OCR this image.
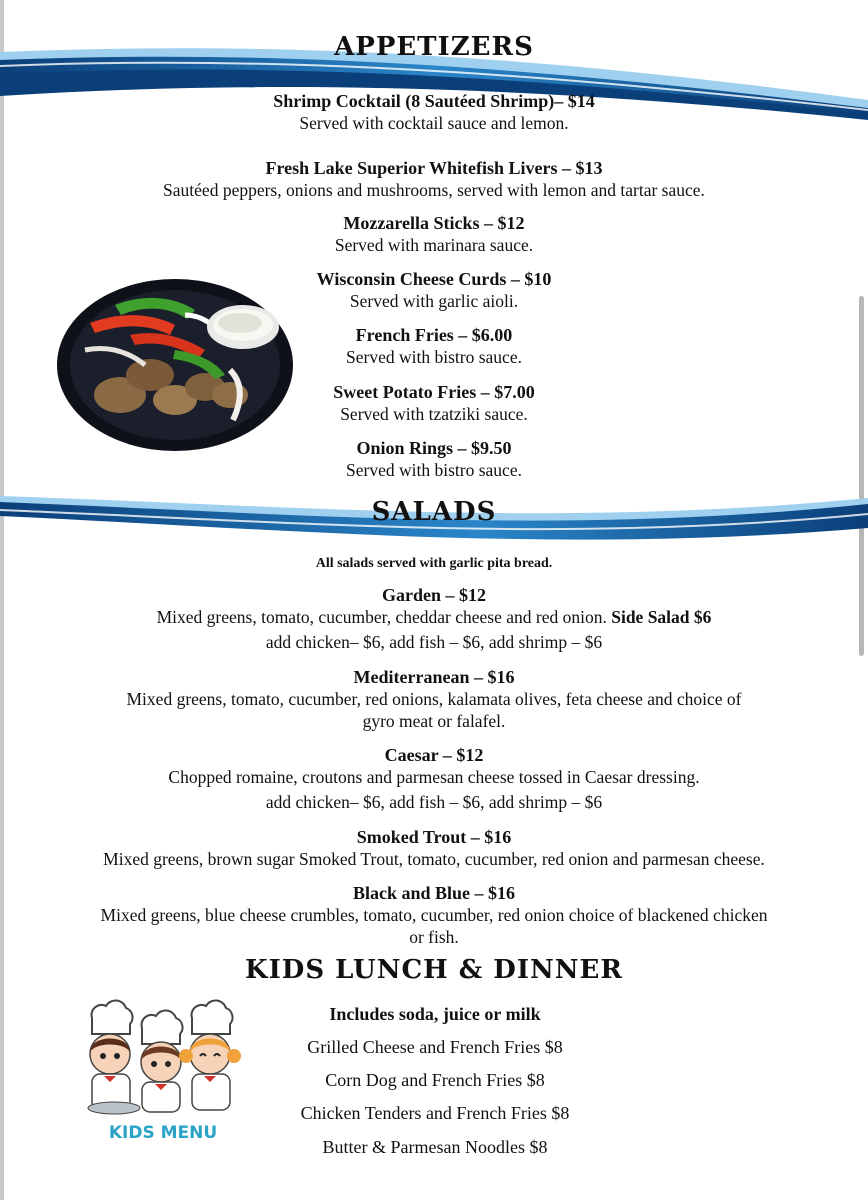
APPETIZERS
Shrimp Cocktail (8 Sautéed Shrimp)– $14
Served with cocktail sauce and lemon.
Fresh Lake Superior Whitefish Livers – $13
Sautéed peppers, onions and mushrooms, served with lemon and tartar sauce.
Mozzarella Sticks – $12
Served with marinara sauce.
Wisconsin Cheese Curds – $10
Served with garlic aioli.
French Fries – $6.00
Served with bistro sauce.
Sweet Potato Fries – $7.00
Served with tzatziki sauce.
Onion Rings – $9.50
Served with bistro sauce.
SALADS
All salads served with garlic pita bread.
Garden – $12
Mixed greens, tomato, cucumber, cheddar cheese and red onion. Side Salad $6
add chicken– $6, add fish – $6, add shrimp – $6
Mediterranean – $16
Mixed greens, tomato, cucumber, red onions, kalamata olives, feta cheese and choice of
gyro meat or falafel.
Caesar – $12
Chopped romaine, croutons and parmesan cheese tossed in Caesar dressing.
add chicken– $6, add fish – $6, add shrimp – $6
Smoked Trout – $16
Mixed greens, brown sugar Smoked Trout, tomato, cucumber, red onion and parmesan cheese.
Black and Blue – $16
Mixed greens, blue cheese crumbles, tomato, cucumber, red onion choice of blackened chicken
or fish.
KIDS LUNCH & DINNER
Includes soda, juice or milk
Grilled Cheese and French Fries $8
Corn Dog and French Fries $8
Chicken Tenders and French Fries $8
Butter & Parmesan Noodles $8
KIDS MENU
